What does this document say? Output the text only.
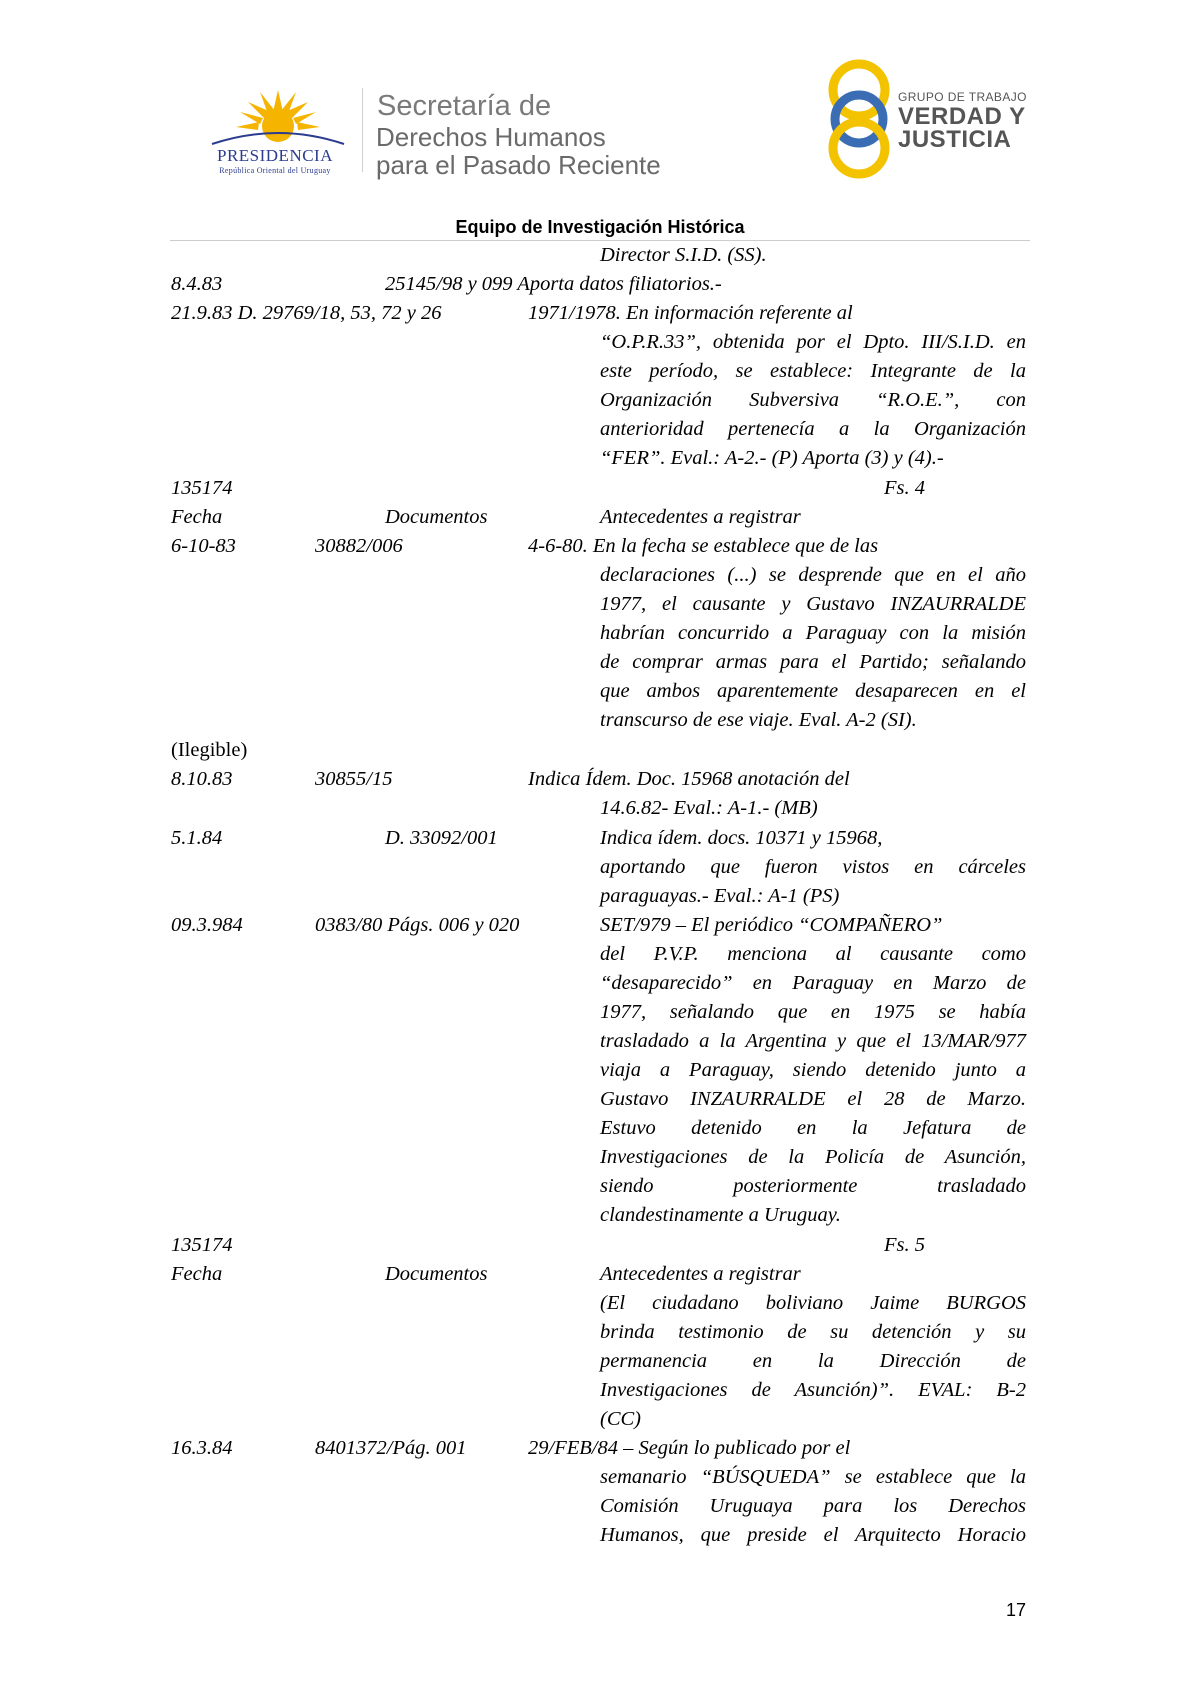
PRESIDENCIA
República Oriental del Uruguay
Secretaría de
Derechos Humanos
para el Pasado Reciente
GRUPO DE TRABAJO
VERDAD Y
JUSTICIA
Equipo de Investigación Histórica
Director S.I.D. (SS).
8.4.83	25145/98 y 099 Aporta datos filiatorios.-
21.9.83 D. 29769/18, 53, 72 y 26	1971/1978. En información referente al
“O.P.R.33”, obtenida por el Dpto. III/S.I.D. en
este período, se establece: Integrante de la
Organización Subversiva “R.O.E.”, con
anterioridad pertenecía a la Organización
“FER”. Eval.: A-2.- (P) Aporta (3) y (4).-
135174	Fs. 4
Fecha	Documentos	Antecedentes a registrar
6-10-83	30882/006	4-6-80. En la fecha se establece que de las
declaraciones (...) se desprende que en el año
1977, el causante y Gustavo INZAURRALDE
habrían concurrido a Paraguay con la misión
de comprar armas para el Partido; señalando
que ambos aparentemente desaparecen en el
transcurso de ese viaje. Eval. A-2 (SI).
(Ilegible)
8.10.83	30855/15	Indica Ídem. Doc. 15968 anotación del
14.6.82- Eval.: A-1.- (MB)
5.1.84	D. 33092/001	Indica ídem. docs. 10371 y 15968,
aportando que fueron vistos en cárceles
paraguayas.- Eval.: A-1 (PS)
09.3.984	0383/80 Págs. 006 y 020	SET/979 – El periódico “COMPAÑERO”
del P.V.P. menciona al causante como
“desaparecido” en Paraguay en Marzo de
1977, señalando que en 1975 se había
trasladado a la Argentina y que el 13/MAR/977
viaja a Paraguay, siendo detenido junto a
Gustavo INZAURRALDE el 28 de Marzo.
Estuvo detenido en la Jefatura de
Investigaciones de la Policía de Asunción,
siendo posteriormente trasladado
clandestinamente a Uruguay.
135174	Fs. 5
Fecha	Documentos	Antecedentes a registrar
(El ciudadano boliviano Jaime BURGOS
brinda testimonio de su detención y su
permanencia en la Dirección de
Investigaciones de Asunción)”. EVAL: B-2
(CC)
16.3.84	8401372/Pág. 001	29/FEB/84 – Según lo publicado por el
semanario “BÚSQUEDA” se establece que la
Comisión Uruguaya para los Derechos
Humanos, que preside el Arquitecto Horacio
17
